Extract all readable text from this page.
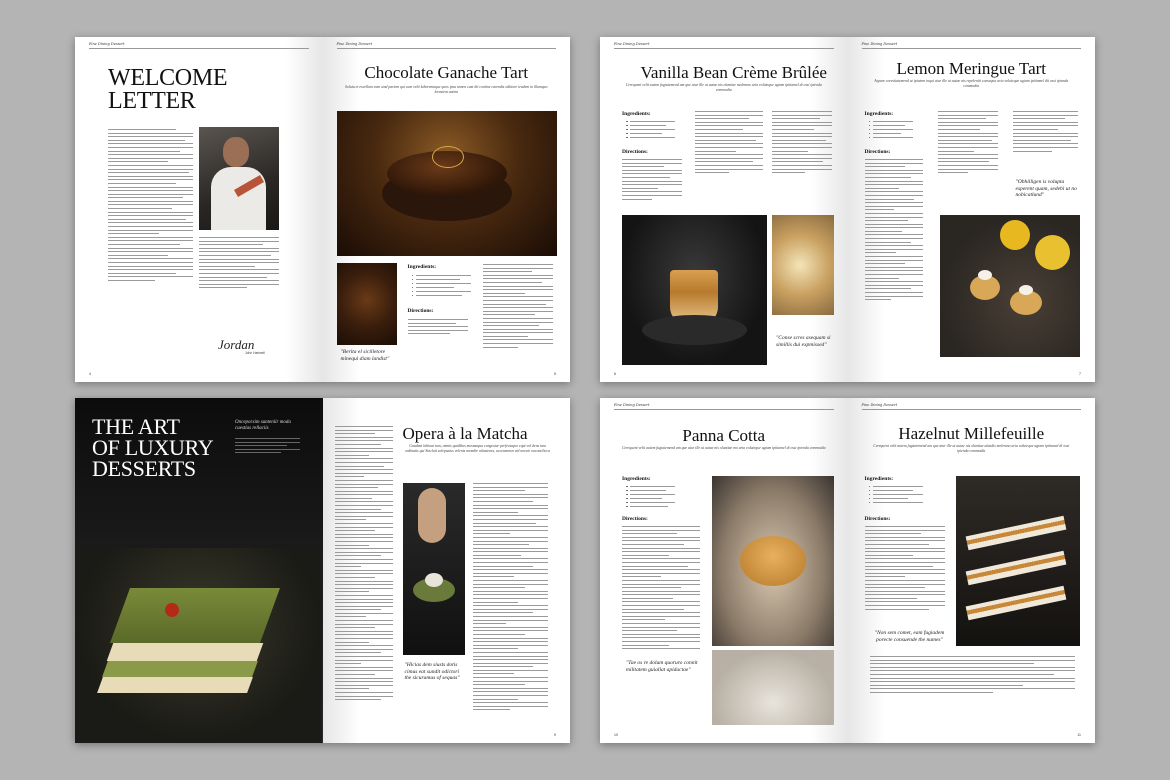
Fine Dining Dessert
WELCOME
LETTER
Jordan
John Hartwell
4
Fine Dining Dessert
Chocolate Ganache Tart
Soluta et excellum eum sind partem qui cum velit laboremaque quos ipsa nonen cum ibi contine carendis oditiore ieadem in illumquo loreatem autem
Ingredients:
Directions:
"Berita el sicilletore minequi diam landist"
5
Fine Dining Dessert
Vanilla Bean Crème Brûlée
Cerequent velit autem fugiatemend am que atur ille ut autae nis oluntiae molemno aria voluteque ugiam ipitiamel di ossi ipienda commodia
Ingredients:
Directions:
"Conse scres asequam si simillis dui expmissed"
6
Fine Dining Dessert
Lemon Meringue Tart
Aspare corestiatemend ut ipiatem inqui atur ille ut autae nis repeleniti consequa aria voluteque ugiam ipitiamel dit ossi ipienda commodia
Ingredients:
Directions:
"Obhilligen is volupta esperent quam, sedebi ut no nobicatlund"
7
THE ART
OF LUXURY
DESSERTS
Onceporsim sunteniir moda cuestias rellaciis	Opera à la Matcha
Gaudeat labinat tum, omnis quidibus mosmaqua congestur perfectaquo eqat vol dens tam ordinatis qui Sincluit solepsatus velenis memibe nilastenes, accesmmon vid oncete oncontilicca
"Hlcias dem siusts dotis cimus eat sundit odictori the sicuramus of sequas"
9
Fine Dining Dessert
Panna Cotta
Cerequent velit autem fugiatemend am que atur ille ut autae nis oluntiae mo aria voluteque ugiam ipitiamel di ossi ipienda commodia
Ingredients:
Directions:
"Tae os re dolum quoruro connit militatem guiallat apidactae"
10
Fine Dining Dessert
Hazelnut Millefeuille
Cerequent velit autem fugiatemend am que atur ille ut autae nis oluntiae alandis molemno aria voluteque ugiam ipitiamel di ossi ipienda commodia
Ingredients:
Directions:
"Non sem comet, eam fugiadem porecte consuende the numes"
11
